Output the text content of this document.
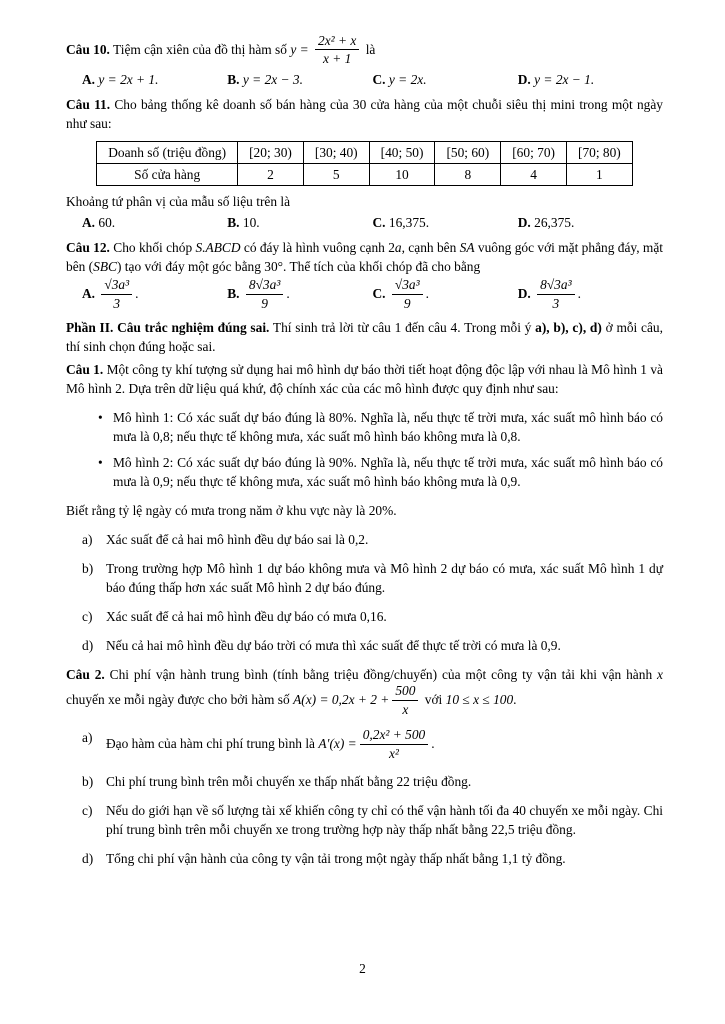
Câu 10. Tiệm cận xiên của đồ thị hàm số $y = \frac{\text{2x² + x}}{x + 1}$ là
A. y = 2x + 1.	B. y = 2x − 3.	C. y = 2x.	D. y = 2x − 1.
Câu 11. Cho bảng thống kê doanh số bán hàng của 30 cửa hàng của một chuỗi siêu thị mini trong một ngày như sau:
Doanh số (triệu đồng)	[20; 30)	[30; 40)	[40; 50)	[50; 60)	[60; 70)	[70; 80)
Số cửa hàng	2	5	10	8	4	1
Khoảng tứ phân vị của mẫu số liệu trên là
A. 60.	B. 10.	C. 16,375.	D. 26,375.
Câu 12. Cho khối chóp S.ABCD có đáy là hình vuông cạnh 2a, cạnh bên SA vuông góc với mặt phẳng đáy, mặt bên (SBC) tạo với đáy một góc bằng 30°. Thể tích của khối chóp đã cho bằng
A. $\frac{\text{√3a³}}{3}$ .	B. $\frac{\text{8√3a³}}{9}$ .	C. $\frac{\text{√3a³}}{9}$ .	D. $\frac{\text{8√3a³}}{3}$ .
Phần II. Câu trắc nghiệm đúng sai. Thí sinh trả lời từ câu 1 đến câu 4. Trong mỗi ý a), b), c), d) ở mỗi câu, thí sinh chọn đúng hoặc sai.
Câu 1. Một công ty khí tượng sử dụng hai mô hình dự báo thời tiết hoạt động độc lập với nhau là Mô hình 1 và Mô hình 2. Dựa trên dữ liệu quá khứ, độ chính xác của các mô hình được quy định như sau:
• Mô hình 1: Có xác suất dự báo đúng là 80%. Nghĩa là, nếu thực tế trời mưa, xác suất mô hình báo có mưa là 0,8; nếu thực tế không mưa, xác suất mô hình báo không mưa là 0,8.
• Mô hình 2: Có xác suất dự báo đúng là 90%. Nghĩa là, nếu thực tế trời mưa, xác suất mô hình báo có mưa là 0,9; nếu thực tế không mưa, xác suất mô hình báo không mưa là 0,9.
Biết rằng tỷ lệ ngày có mưa trong năm ở khu vực này là 20%.
a)	Xác suất để cả hai mô hình đều dự báo sai là 0,2.
b) Trong trường hợp Mô hình 1 dự báo không mưa và Mô hình 2 dự báo có mưa, xác suất Mô hình 1 dự báo đúng thấp hơn xác suất Mô hình 2 dự báo đúng.
c)	Xác suất để cả hai mô hình đều dự báo có mưa 0,16.
d) Nếu cả hai mô hình đều dự báo trời có mưa thì xác suất để thực tế trời có mưa là 0,9.
Câu 2. Chi phí vận hành trung bình (tính bằng triệu đồng/chuyến) của một công ty vận tải khi vận hành x chuyến xe mỗi ngày được cho bởi hàm số $A(x) = 0,2x + 2 + \frac{500}{x}$ với 10 ≤ x ≤ 100.
a)	Đạo hàm của hàm chi phí trung bình là $A'(x) = \frac{\text{0,2x² + 500}}{\text{x²}}$ .
b) Chi phí trung bình trên mỗi chuyến xe thấp nhất bằng 22 triệu đồng.
c)	Nếu do giới hạn về số lượng tài xế khiến công ty chỉ có thể vận hành tối đa 40 chuyến xe mỗi ngày. Chi phí trung bình trên mỗi chuyến xe trong trường hợp này thấp nhất bằng 22,5 triệu đồng.
d) Tổng chi phí vận hành của công ty vận tải trong một ngày thấp nhất bằng 1,1 tỷ đồng.
2
